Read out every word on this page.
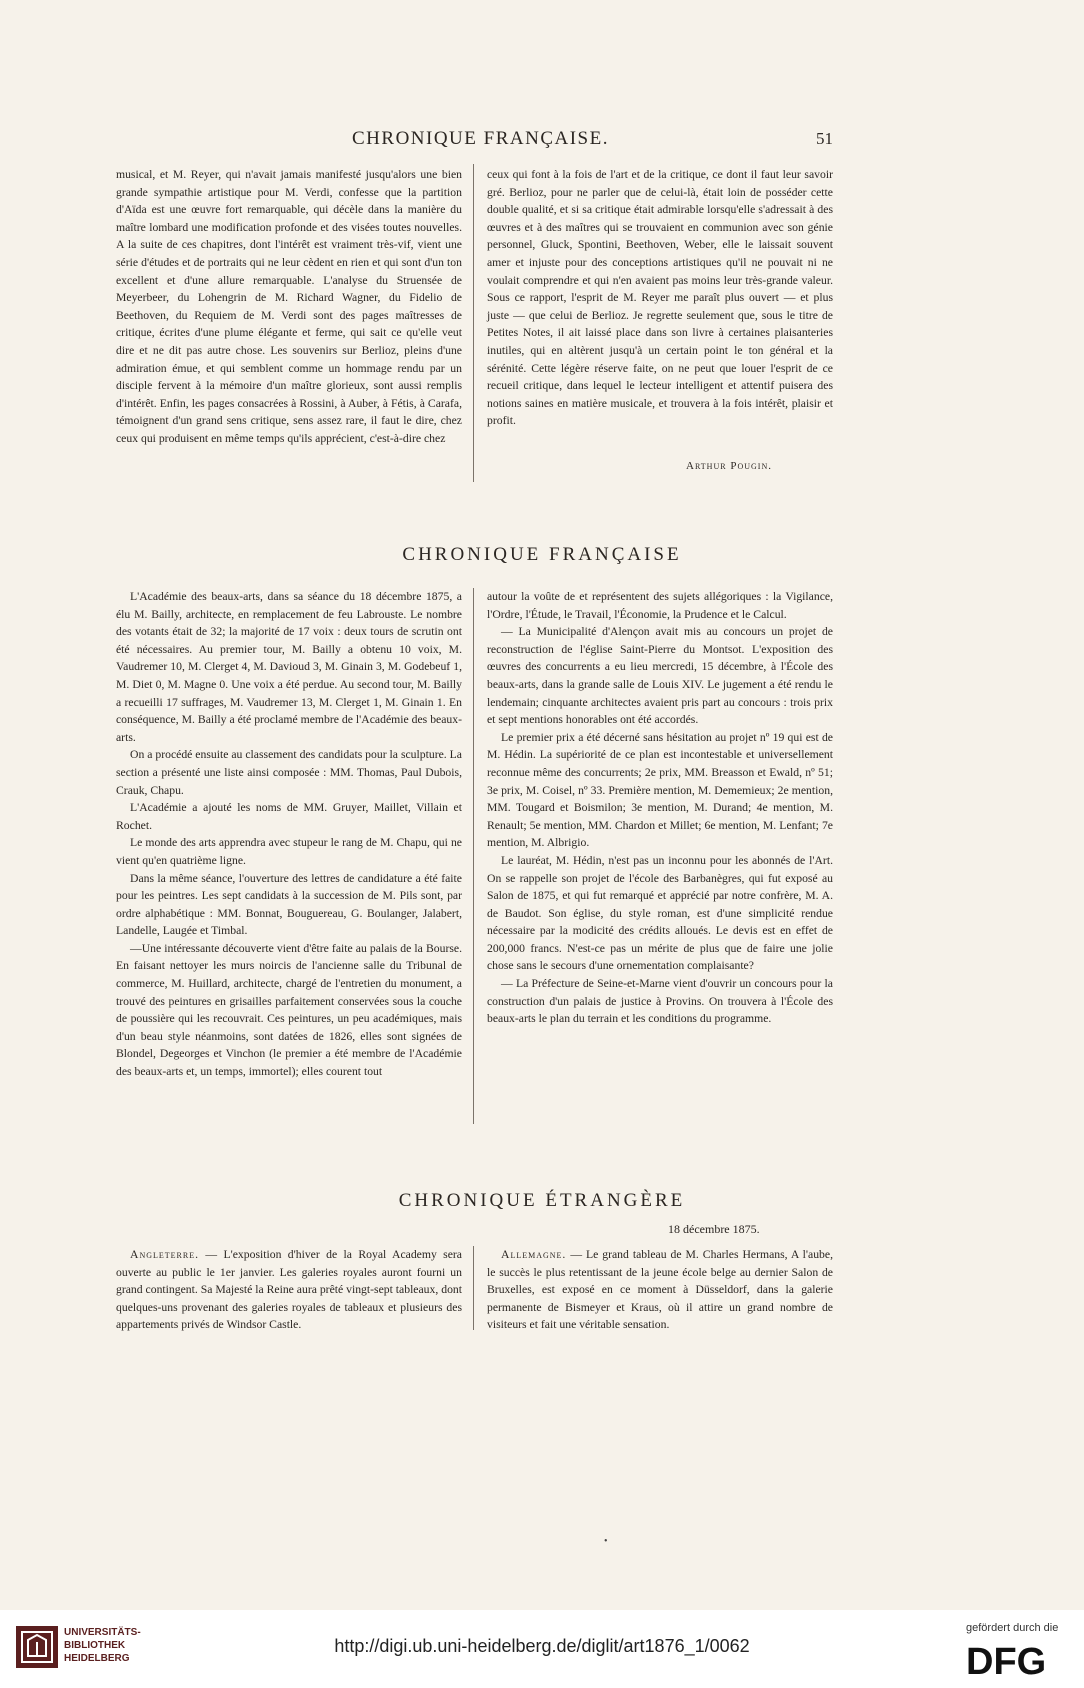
CHRONIQUE FRANÇAISE.	51

musical, et M. Reyer, qui n'avait jamais manifesté jusqu'alors une bien grande sympathie artistique pour M. Verdi, confesse que la partition d'Aïda est une œuvre fort remarquable, qui décèle dans la manière du maître lombard une modification profonde et des visées toutes nouvelles. A la suite de ces chapitres, dont l'intérêt est vraiment très-vif, vient une série d'études et de portraits qui ne leur cèdent en rien et qui sont d'un ton excellent et d'une allure remarquable. L'analyse du Struensée de Meyerbeer, du Lohengrin de M. Richard Wagner, du Fidelio de Beethoven, du Requiem de M. Verdi sont des pages maîtresses de critique, écrites d'une plume élégante et ferme, qui sait ce qu'elle veut dire et ne dit pas autre chose. Les souvenirs sur Berlioz, pleins d'une admiration émue, et qui semblent comme un hommage rendu par un disciple fervent à la mémoire d'un maître glorieux, sont aussi remplis d'intérêt. Enfin, les pages consacrées à Rossini, à Auber, à Fétis, à Carafa, témoignent d'un grand sens critique, sens assez rare, il faut le dire, chez ceux qui produisent en même temps qu'ils apprécient, c'est-à-dire chez

ceux qui font à la fois de l'art et de la critique, ce dont il faut leur savoir gré. Berlioz, pour ne parler que de celui-là, était loin de posséder cette double qualité, et si sa critique était admirable lorsqu'elle s'adressait à des œuvres et à des maîtres qui se trouvaient en communion avec son génie personnel, Gluck, Spontini, Beethoven, Weber, elle le laissait souvent amer et injuste pour des conceptions artistiques qu'il ne pouvait ni ne voulait comprendre et qui n'en avaient pas moins leur très-grande valeur. Sous ce rapport, l'esprit de M. Reyer me paraît plus ouvert — et plus juste — que celui de Berlioz. Je regrette seulement que, sous le titre de Petites Notes, il ait laissé place dans son livre à certaines plaisanteries inutiles, qui en altèrent jusqu'à un certain point le ton général et la sérénité. Cette légère réserve faite, on ne peut que louer l'esprit de ce recueil critique, dans lequel le lecteur intelligent et attentif puisera des notions saines en matière musicale, et trouvera à la fois intérêt, plaisir et profit.

Arthur Pougin.
CHRONIQUE FRANÇAISE

L'Académie des beaux-arts, dans sa séance du 18 décembre 1875, a élu M. Bailly, architecte, en remplacement de feu Labrouste. Le nombre des votants était de 32; la majorité de 17 voix : deux tours de scrutin ont été nécessaires. Au premier tour, M. Bailly a obtenu 10 voix, M. Vaudremer 10, M. Clerget 4, M. Davioud 3, M. Ginain 3, M. Godebeuf 1, M. Diet 0, M. Magne 0. Une voix a été perdue. Au second tour, M. Bailly a recueilli 17 suffrages, M. Vaudremer 13, M. Clerget 1, M. Ginain 1. En conséquence, M. Bailly a été proclamé membre de l'Académie des beaux-arts.

On a procédé ensuite au classement des candidats pour la sculpture. La section a présenté une liste ainsi composée : MM. Thomas, Paul Dubois, Crauk, Chapu.

L'Académie a ajouté les noms de MM. Gruyer, Maillet, Villain et Rochet.

Le monde des arts apprendra avec stupeur le rang de M. Chapu, qui ne vient qu'en quatrième ligne.

Dans la même séance, l'ouverture des lettres de candidature a été faite pour les peintres. Les sept candidats à la succession de M. Pils sont, par ordre alphabétique : MM. Bonnat, Bouguereau, G. Boulanger, Jalabert, Landelle, Laugée et Timbal.

—Une intéressante découverte vient d'être faite au palais de la Bourse. En faisant nettoyer les murs noircis de l'ancienne salle du Tribunal de commerce, M. Huillard, architecte, chargé de l'entretien du monument, a trouvé des peintures en grisailles parfaitement conservées sous la couche de poussière qui les recouvrait. Ces peintures, un peu académiques, mais d'un beau style néanmoins, sont datées de 1826, elles sont signées de Blondel, Degeorges et Vinchon (le premier a été membre de l'Académie des beaux-arts et, un temps, immortel); elles courent tout

autour la voûte de et représentent des sujets allégoriques : la Vigilance, l'Ordre, l'Étude, le Travail, l'Économie, la Prudence et le Calcul.

— La Municipalité d'Alençon avait mis au concours un projet de reconstruction de l'église Saint-Pierre du Montsot. L'exposition des œuvres des concurrents a eu lieu mercredi, 15 décembre, à l'École des beaux-arts, dans la grande salle de Louis XIV. Le jugement a été rendu le lendemain; cinquante architectes avaient pris part au concours : trois prix et sept mentions honorables ont été accordés.

Le premier prix a été décerné sans hésitation au projet nº 19 qui est de M. Hédin. La supériorité de ce plan est incontestable et universellement reconnue même des concurrents; 2e prix, MM. Breasson et Ewald, nº 51; 3e prix, M. Coisel, nº 33. Première mention, M. Dememieux; 2e mention, MM. Tougard et Boismilon; 3e mention, M. Durand; 4e mention, M. Renault; 5e mention, MM. Chardon et Millet; 6e mention, M. Lenfant; 7e mention, M. Albrigio.

Le lauréat, M. Hédin, n'est pas un inconnu pour les abonnés de l'Art. On se rappelle son projet de l'école des Barbanègres, qui fut exposé au Salon de 1875, et qui fut remarqué et apprécié par notre confrère, M. A. de Baudot. Son église, du style roman, est d'une simplicité rendue nécessaire par la modicité des crédits alloués. Le devis est en effet de 200,000 francs. N'est-ce pas un mérite de plus que de faire une jolie chose sans le secours d'une ornementation complaisante?

— La Préfecture de Seine-et-Marne vient d'ouvrir un concours pour la construction d'un palais de justice à Provins. On trouvera à l'École des beaux-arts le plan du terrain et les conditions du programme.

CHRONIQUE ÉTRANGÈRE
18 décembre 1875.

Angleterre. — L'exposition d'hiver de la Royal Academy sera ouverte au public le 1er janvier. Les galeries royales auront fourni un grand contingent. Sa Majesté la Reine aura prêté vingt-sept tableaux, dont quelques-uns provenant des galeries royales de tableaux et plusieurs des appartements privés de Windsor Castle.

Allemagne. — Le grand tableau de M. Charles Hermans, A l'aube, le succès le plus retentissant de la jeune école belge au dernier Salon de Bruxelles, est exposé en ce moment à Düsseldorf, dans la galerie permanente de Bismeyer et Kraus, où il attire un grand nombre de visiteurs et fait une véritable sensation.

•
UNIVERSITÄTS-
BIBLIOTHEK
HEIDELBERG
http://digi.ub.uni-heidelberg.de/diglit/art1876_1/0062
gefördert durch die
DFG
